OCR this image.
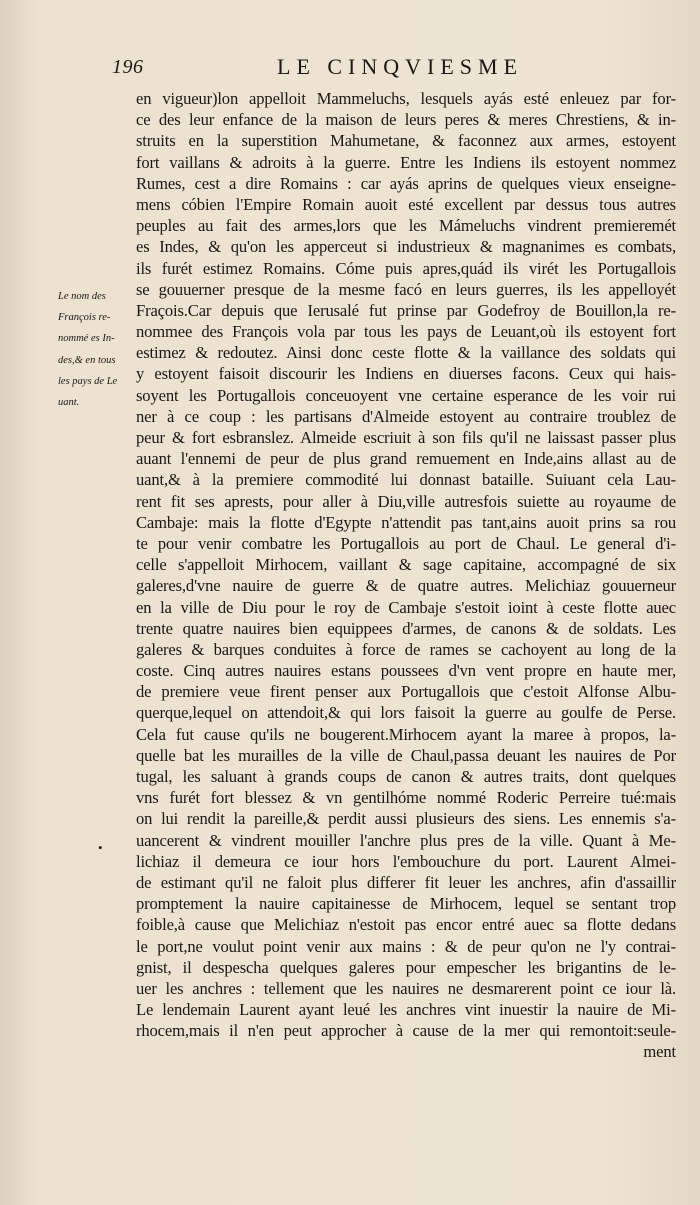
196	LE CINQVIESME
Le nom des
François re-
nommé es In-
des,& en tous
les pays de Le
uant.
•
en vigueur)lon appelloit Mammeluchs, lesquels ayás esté enleuez par for-
ce des leur enfance de la maison de leurs peres & meres Chrestiens, & in-
struits en la superstition Mahumetane, & faconnez aux armes, estoyent
fort vaillans & adroits à la guerre. Entre les Indiens ils estoyent nommez
Rumes, cest a dire Romains : car ayás aprins de quelques vieux enseigne-
mens cóbien l'Empire Romain auoit esté excellent par dessus tous autres
peuples au fait des armes,lors que les Mámeluchs vindrent premieremét
es Indes, & qu'on les apperceut si industrieux & magnanimes es combats,
ils furét estimez Romains. Cóme puis apres,quád ils virét les Portugallois
se gouuerner presque de la mesme facó en leurs guerres, ils les appelloyét
Fraçois.Car depuis que Ierusalé fut prinse par Godefroy de Bouillon,la re-
nommee des François vola par tous les pays de Leuant,où ils estoyent fort
estimez & redoutez. Ainsi donc ceste flotte & la vaillance des soldats qui
y estoyent faisoit discourir les Indiens en diuerses facons. Ceux qui hais-
soyent les Portugallois conceuoyent vne certaine esperance de les voir rui
ner à ce coup : les partisans d'Almeide estoyent au contraire troublez de
peur & fort esbranslez. Almeide escriuit à son fils qu'il ne laissast passer plus
auant l'ennemi de peur de plus grand remuement en Inde,ains allast au de
uant,& à la premiere commodité lui donnast bataille. Suiuant cela Lau-
rent fit ses aprests, pour aller à Diu,ville autresfois suiette au royaume de
Cambaje: mais la flotte d'Egypte n'attendit pas tant,ains auoit prins sa rou
te pour venir combatre les Portugallois au port de Chaul. Le general d'i-
celle s'appelloit Mirhocem, vaillant & sage capitaine, accompagné de six
galeres,d'vne nauire de guerre & de quatre autres. Melichiaz gouuerneur
en la ville de Diu pour le roy de Cambaje s'estoit ioint à ceste flotte auec
trente quatre nauires bien equippees d'armes, de canons & de soldats. Les
galeres & barques conduites à force de rames se cachoyent au long de la
coste. Cinq autres nauires estans poussees d'vn vent propre en haute mer,
de premiere veue firent penser aux Portugallois que c'estoit Alfonse Albu-
querque,lequel on attendoit,& qui lors faisoit la guerre au goulfe de Perse.
Cela fut cause qu'ils ne bougerent.Mirhocem ayant la maree à propos, la-
quelle bat les murailles de la ville de Chaul,passa deuant les nauires de Por
tugal, les saluant à grands coups de canon & autres traits, dont quelques
vns furét fort blessez & vn gentilhóme nommé Roderic Perreire tué:mais
on lui rendit la pareille,& perdit aussi plusieurs des siens. Les ennemis s'a-
uancerent & vindrent mouiller l'anchre plus pres de la ville. Quant à Me-
lichiaz il demeura ce iour hors l'embouchure du port. Laurent Almei-
de estimant qu'il ne faloit plus differer fit leuer les anchres, afin d'assaillir
promptement la nauire capitainesse de Mirhocem, lequel se sentant trop
foible,à cause que Melichiaz n'estoit pas encor entré auec sa flotte dedans
le port,ne voulut point venir aux mains : & de peur qu'on ne l'y contrai-
gnist, il despescha quelques galeres pour empescher les brigantins de le-
uer les anchres : tellement que les nauires ne desmarerent point ce iour là.
Le lendemain Laurent ayant leué les anchres vint inuestir la nauire de Mi-
rhocem,mais il n'en peut approcher à cause de la mer qui remontoit:seule-
ment
